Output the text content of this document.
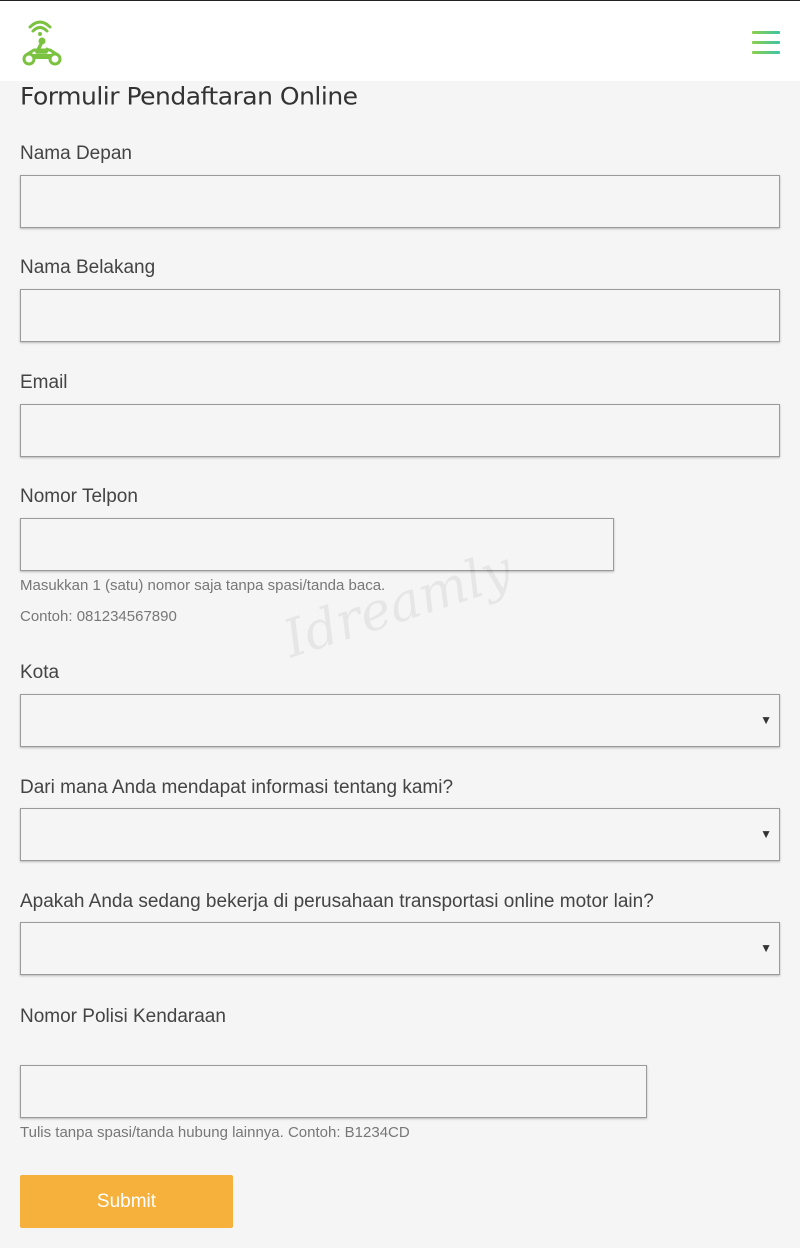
Formulir Pendaftaran Online
Nama Depan
Nama Belakang
Email
Nomor Telpon
Masukkan 1 (satu) nomor saja tanpa spasi/tanda baca.
Contoh: 081234567890 Idreamly
Kota
▼
Dari mana Anda mendapat informasi tentang kami?
▼
Apakah Anda sedang bekerja di perusahaan transportasi online motor lain?
▼
Nomor Polisi Kendaraan
Tulis tanpa spasi/tanda hubung lainnya. Contoh: B1234CD
Submit
